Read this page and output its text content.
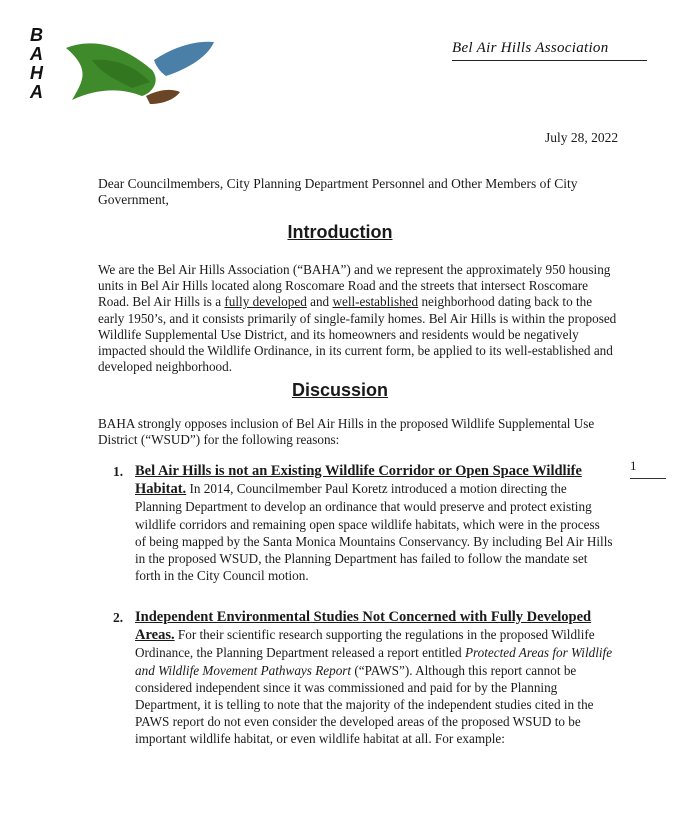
B
A
H
A
Bel Air Hills Association
July 28, 2022
Dear Councilmembers, City Planning Department Personnel and Other Members of City Government,
Introduction
We are the Bel Air Hills Association (“BAHA”) and we represent the approximately 950 housing units in Bel Air Hills located along Roscomare Road and the streets that intersect Roscomare Road. Bel Air Hills is a fully developed and well-established neighborhood dating back to the early 1950’s, and it consists primarily of single-family homes. Bel Air Hills is within the proposed Wildlife Supplemental Use District, and its homeowners and residents would be negatively impacted should the Wildlife Ordinance, in its current form, be applied to its well-established and developed neighborhood.
Discussion
BAHA strongly opposes inclusion of Bel Air Hills in the proposed Wildlife Supplemental Use District (“WSUD”) for the following reasons:
1. Bel Air Hills is not an Existing Wildlife Corridor or Open Space Wildlife Habitat. In 2014, Councilmember Paul Koretz introduced a motion directing the Planning Department to develop an ordinance that would preserve and protect existing wildlife corridors and remaining open space wildlife habitats, which were in the process of being mapped by the Santa Monica Mountains Conservancy. By including Bel Air Hills in the proposed WSUD, the Planning Department has failed to follow the mandate set forth in the City Council motion.
1
2. Independent Environmental Studies Not Concerned with Fully Developed Areas. For their scientific research supporting the regulations in the proposed Wildlife Ordinance, the Planning Department released a report entitled Protected Areas for Wildlife and Wildlife Movement Pathways Report (“PAWS”). Although this report cannot be considered independent since it was commissioned and paid for by the Planning Department, it is telling to note that the majority of the independent studies cited in the PAWS report do not even consider the developed areas of the proposed WSUD to be important wildlife habitat, or even wildlife habitat at all. For example:
